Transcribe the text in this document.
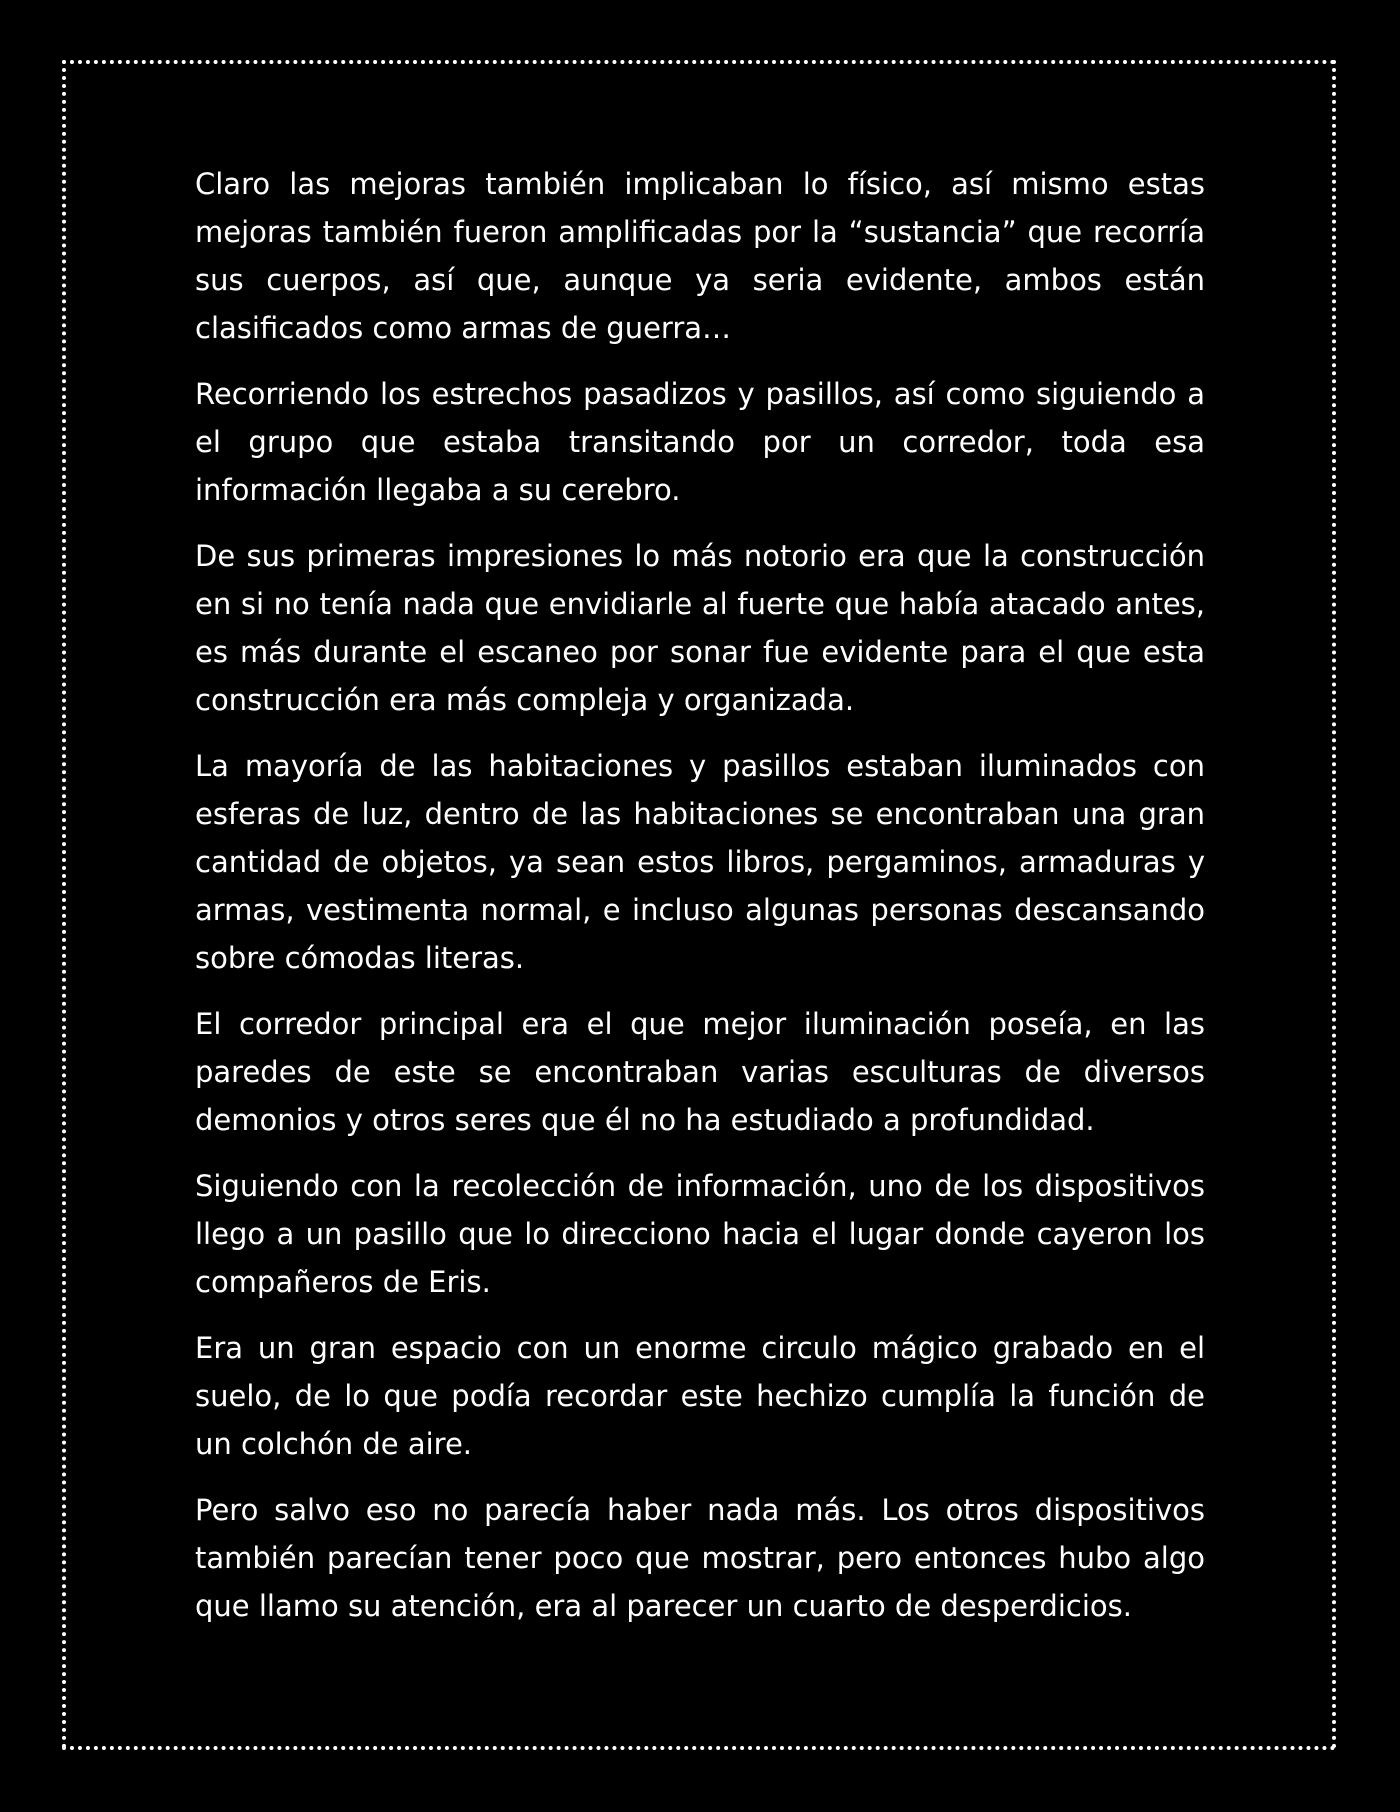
Claro las mejoras también implicaban lo físico, así mismo estas mejoras también fueron amplificadas por la “sustancia” que recorría sus cuerpos, así que, aunque ya seria evidente, ambos están clasificados como armas de guerra…

Recorriendo los estrechos pasadizos y pasillos, así como siguiendo a el grupo que estaba transitando por un corredor, toda esa información llegaba a su cerebro.

De sus primeras impresiones lo más notorio era que la construcción en si no tenía nada que envidiarle al fuerte que había atacado antes, es más durante el escaneo por sonar fue evidente para el que esta construcción era más compleja y organizada.

La mayoría de las habitaciones y pasillos estaban iluminados con esferas de luz, dentro de las habitaciones se encontraban una gran cantidad de objetos, ya sean estos libros, pergaminos, armaduras y armas, vestimenta normal, e incluso algunas personas descansando sobre cómodas literas.

El corredor principal era el que mejor iluminación poseía, en las paredes de este se encontraban varias esculturas de diversos demonios y otros seres que él no ha estudiado a profundidad.

Siguiendo con la recolección de información, uno de los dispositivos llego a un pasillo que lo direcciono hacia el lugar donde cayeron los compañeros de Eris.

Era un gran espacio con un enorme circulo mágico grabado en el suelo, de lo que podía recordar este hechizo cumplía la función de un colchón de aire.

Pero salvo eso no parecía haber nada más. Los otros dispositivos también parecían tener poco que mostrar, pero entonces hubo algo que llamo su atención, era al parecer un cuarto de desperdicios.
